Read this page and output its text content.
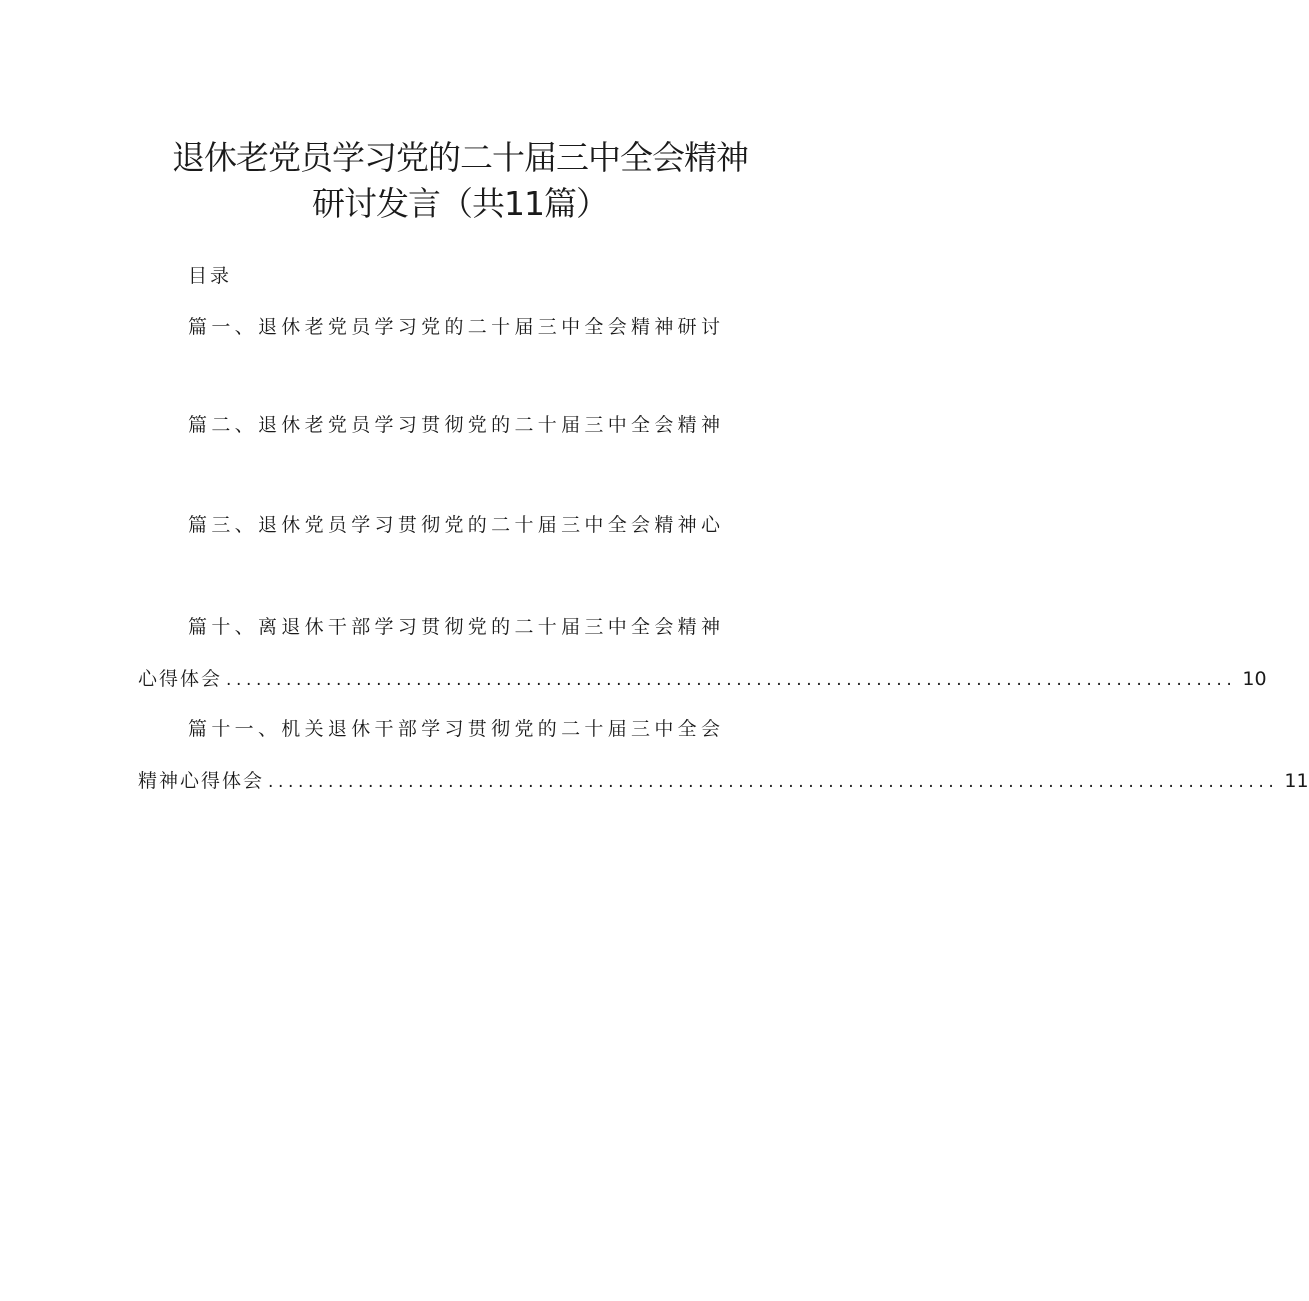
退休老党员学习党的二十届三中全会精神
研讨发言（共11篇）
目录
篇一、退休老党员学习党的二十届三中全会精神研讨
篇二、退休老党员学习贯彻党的二十届三中全会精神
篇三、退休党员学习贯彻党的二十届三中全会精神心
篇十、离退休干部学习贯彻党的二十届三中全会精神
心得体会 ..................................................................................................... 10
篇十一、机关退休干部学习贯彻党的二十届三中全会
精神心得体会 ..................................................................................................... 11
